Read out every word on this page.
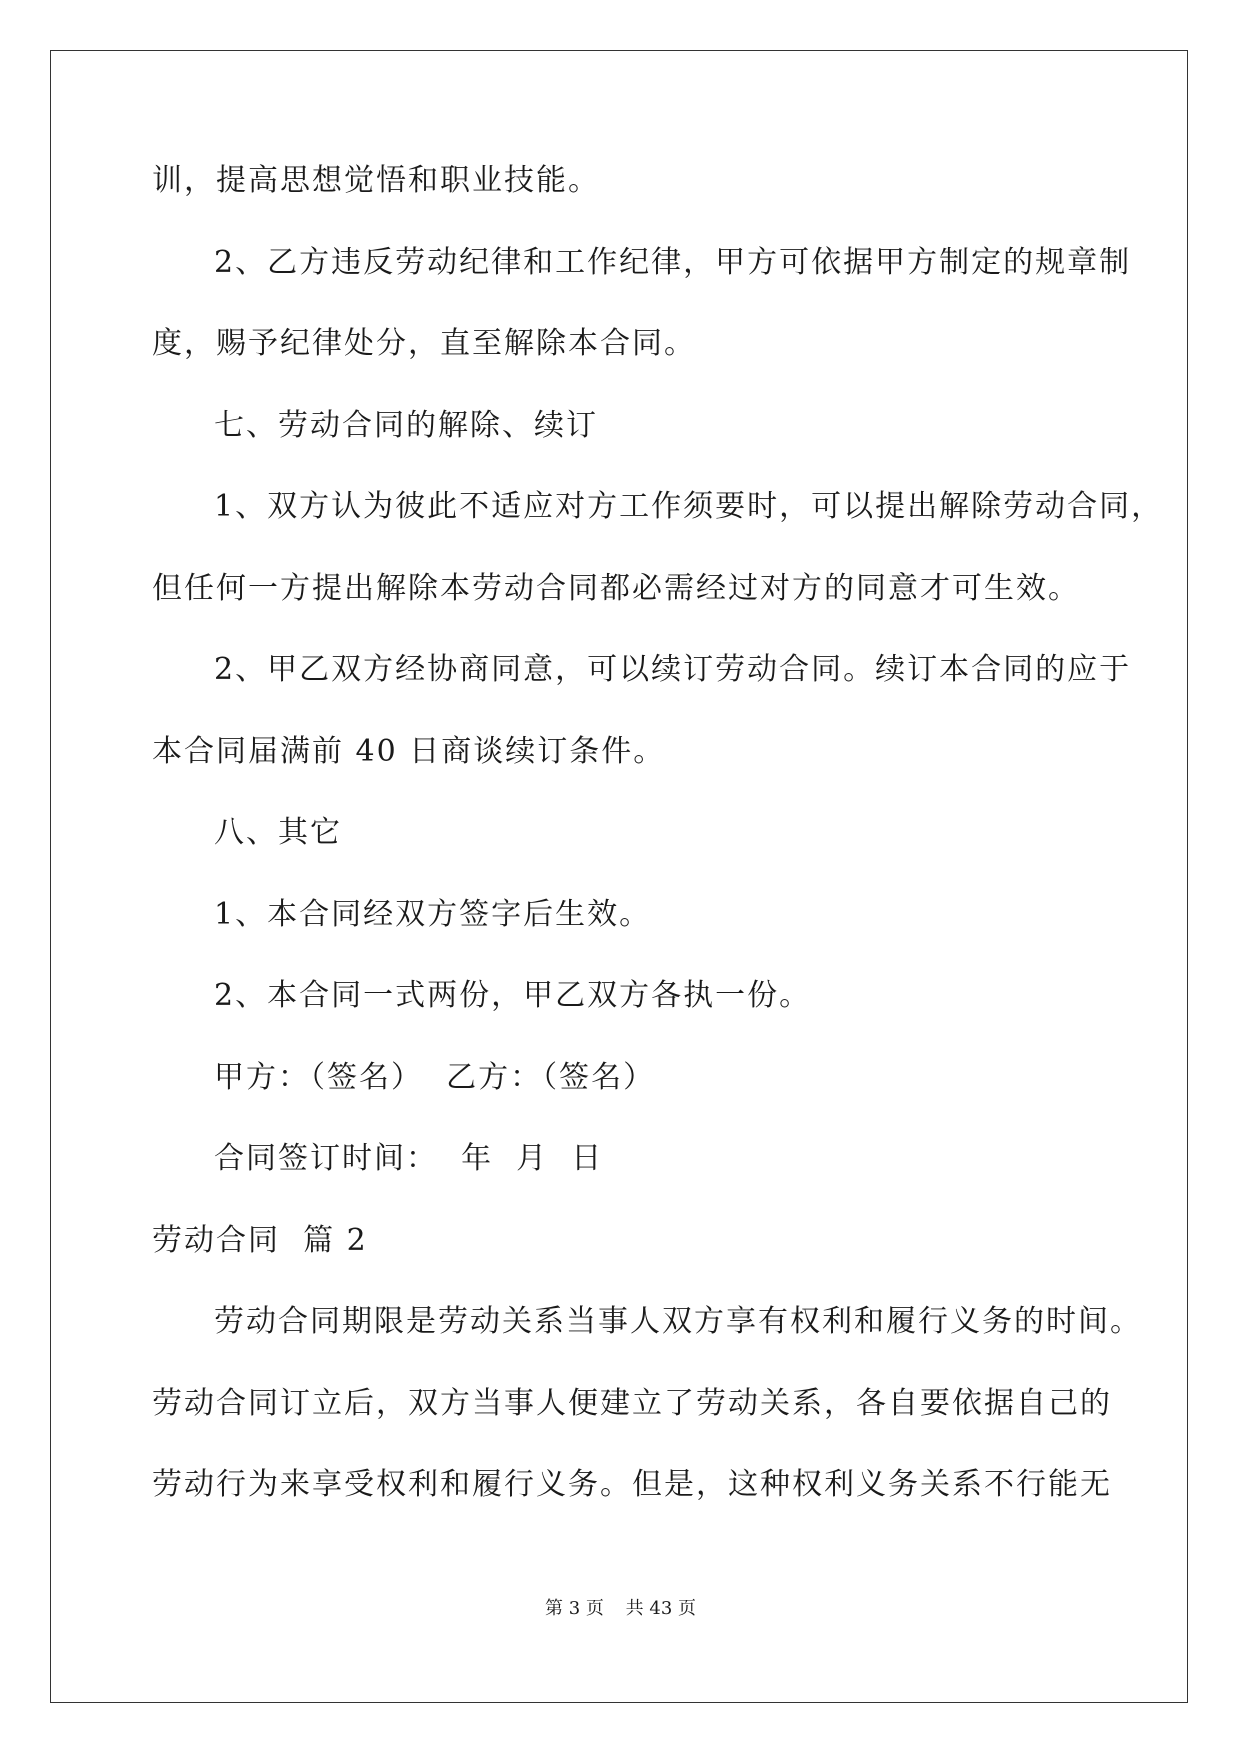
训，提高思想觉悟和职业技能。
2、乙方违反劳动纪律和工作纪律，甲方可依据甲方制定的规章制
度，赐予纪律处分，直至解除本合同。
七、劳动合同的解除、续订
1、双方认为彼此不适应对方工作须要时，可以提出解除劳动合同，
但任何一方提出解除本劳动合同都必需经过对方的同意才可生效。
2、甲乙双方经协商同意，可以续订劳动合同。续订本合同的应于
本合同届满前 40 日商谈续订条件。
八、其它
1、本合同经双方签字后生效。
2、本合同一式两份，甲乙双方各执一份。
甲方：（签名）  乙方：（签名）
合同签订时间：  年  月  日
劳动合同  篇 2
劳动合同期限是劳动关系当事人双方享有权利和履行义务的时间。
劳动合同订立后，双方当事人便建立了劳动关系，各自要依据自己的
劳动行为来享受权利和履行义务。但是，这种权利义务关系不行能无
第 3 页 共 43 页
